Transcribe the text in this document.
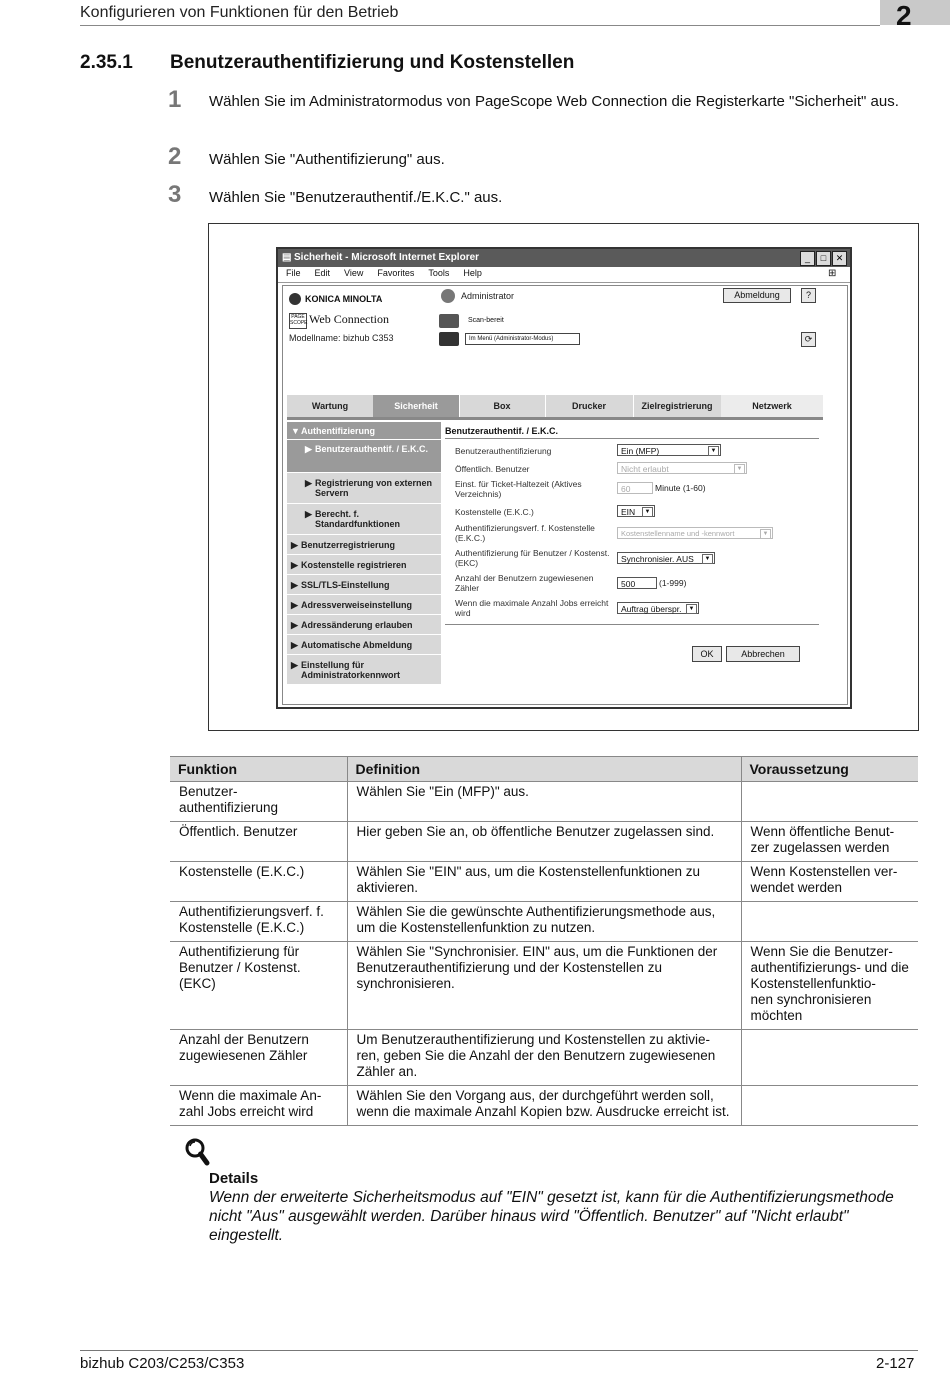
Konfigurieren von Funktionen für den Betrieb	2
2.35.1 Benutzerauthentifizierung und Kostenstellen
1 Wählen Sie im Administratormodus von PageScope Web Connection die Registerkarte "Sicherheit" aus.
2 Wählen Sie "Authentifizierung" aus.
3 Wählen Sie "Benutzerauthentif./E.K.C." aus.
▤ Sicherheit - Microsoft Internet Explorer	_	□	✕
File Edit View Favorites Tools Help	⊞
KONICA MINOLTA
PAGE SCOPE Web Connection
Modellname: bizhub C353
Administrator	Abmeldung	?
Scan-bereit
Im Menü (Administrator-Modus)	⟳
Wartung	Sicherheit	Box	Drucker	Zielregistrierung	Netzwerk
▼ Authentifizierung
▶ Benutzerauthentif. / E.K.C.
▶ Registrierung von externen Servern
▶ Berecht. f. Standardfunktionen
▶ Benutzerregistrierung
▶ Kostenstelle registrieren
▶ SSL/TLS-Einstellung
▶ Adressverweiseinstellung
▶ Adressänderung erlauben
▶ Automatische Abmeldung
▶ Einstellung für Administratorkennwort
Benutzerauthentif. / E.K.C.
Benutzerauthentifizierung	Ein (MFP)	▼
Öffentlich. Benutzer	Nicht erlaubt	▼
Einst. für Ticket-Haltezeit (Aktives Verzeichnis)	60	Minute (1-60)
Kostenstelle (E.K.C.)	EIN	▼
Authentifizierungsverf. f. Kostenstelle (E.K.C.)	Kostenstellenname und -kennwort	▼
Authentifizierung für Benutzer / Kostenst. (EKC)	Synchronisier. AUS	▼
Anzahl der Benutzern zugewiesenen Zähler	500	(1-999)
Wenn die maximale Anzahl Jobs erreicht wird	Auftrag überspr.	▼
OK	Abbrechen
Funktion	Definition	Voraussetzung
Benutzer-
authentifizierung	Wählen Sie "Ein (MFP)" aus.	
Öffentlich. Benutzer	Hier geben Sie an, ob öffentliche Benutzer zugelassen sind.	Wenn öffentliche Benut-
zer zugelassen werden
Kostenstelle (E.K.C.)	Wählen Sie "EIN" aus, um die Kostenstellenfunktionen zu aktivieren.	Wenn Kostenstellen ver-
wendet werden
Authentifizierungsverf. f. Kostenstelle (E.K.C.)	Wählen Sie die gewünschte Authentifizierungsmethode aus, um die Kostenstellenfunktion zu nutzen.	
Authentifizierung für Benutzer / Kostenst. (EKC)	Wählen Sie "Synchronisier. EIN" aus, um die Funktionen der Benutzerauthentifizierung und der Kostenstellen zu synchronisieren.	Wenn Sie die Benutzer-
authentifizierungs- und die Kostenstellenfunktio-
nen synchronisieren möchten
Anzahl der Benutzern zugewiesenen Zähler	Um Benutzerauthentifizierung und Kostenstellen zu aktivie-
ren, geben Sie die Anzahl der den Benutzern zugewiesenen Zähler an.	
Wenn die maximale An-
zahl Jobs erreicht wird	Wählen Sie den Vorgang aus, der durchgeführt werden soll, wenn die maximale Anzahl Kopien bzw. Ausdrucke erreicht ist.	
Details
Wenn der erweiterte Sicherheitsmodus auf "EIN" gesetzt ist, kann für die Authentifizierungsmethode nicht "Aus" ausgewählt werden. Darüber hinaus wird "Öffentlich. Benutzer" auf "Nicht erlaubt" eingestellt.
bizhub C203/C253/C353	2-127
